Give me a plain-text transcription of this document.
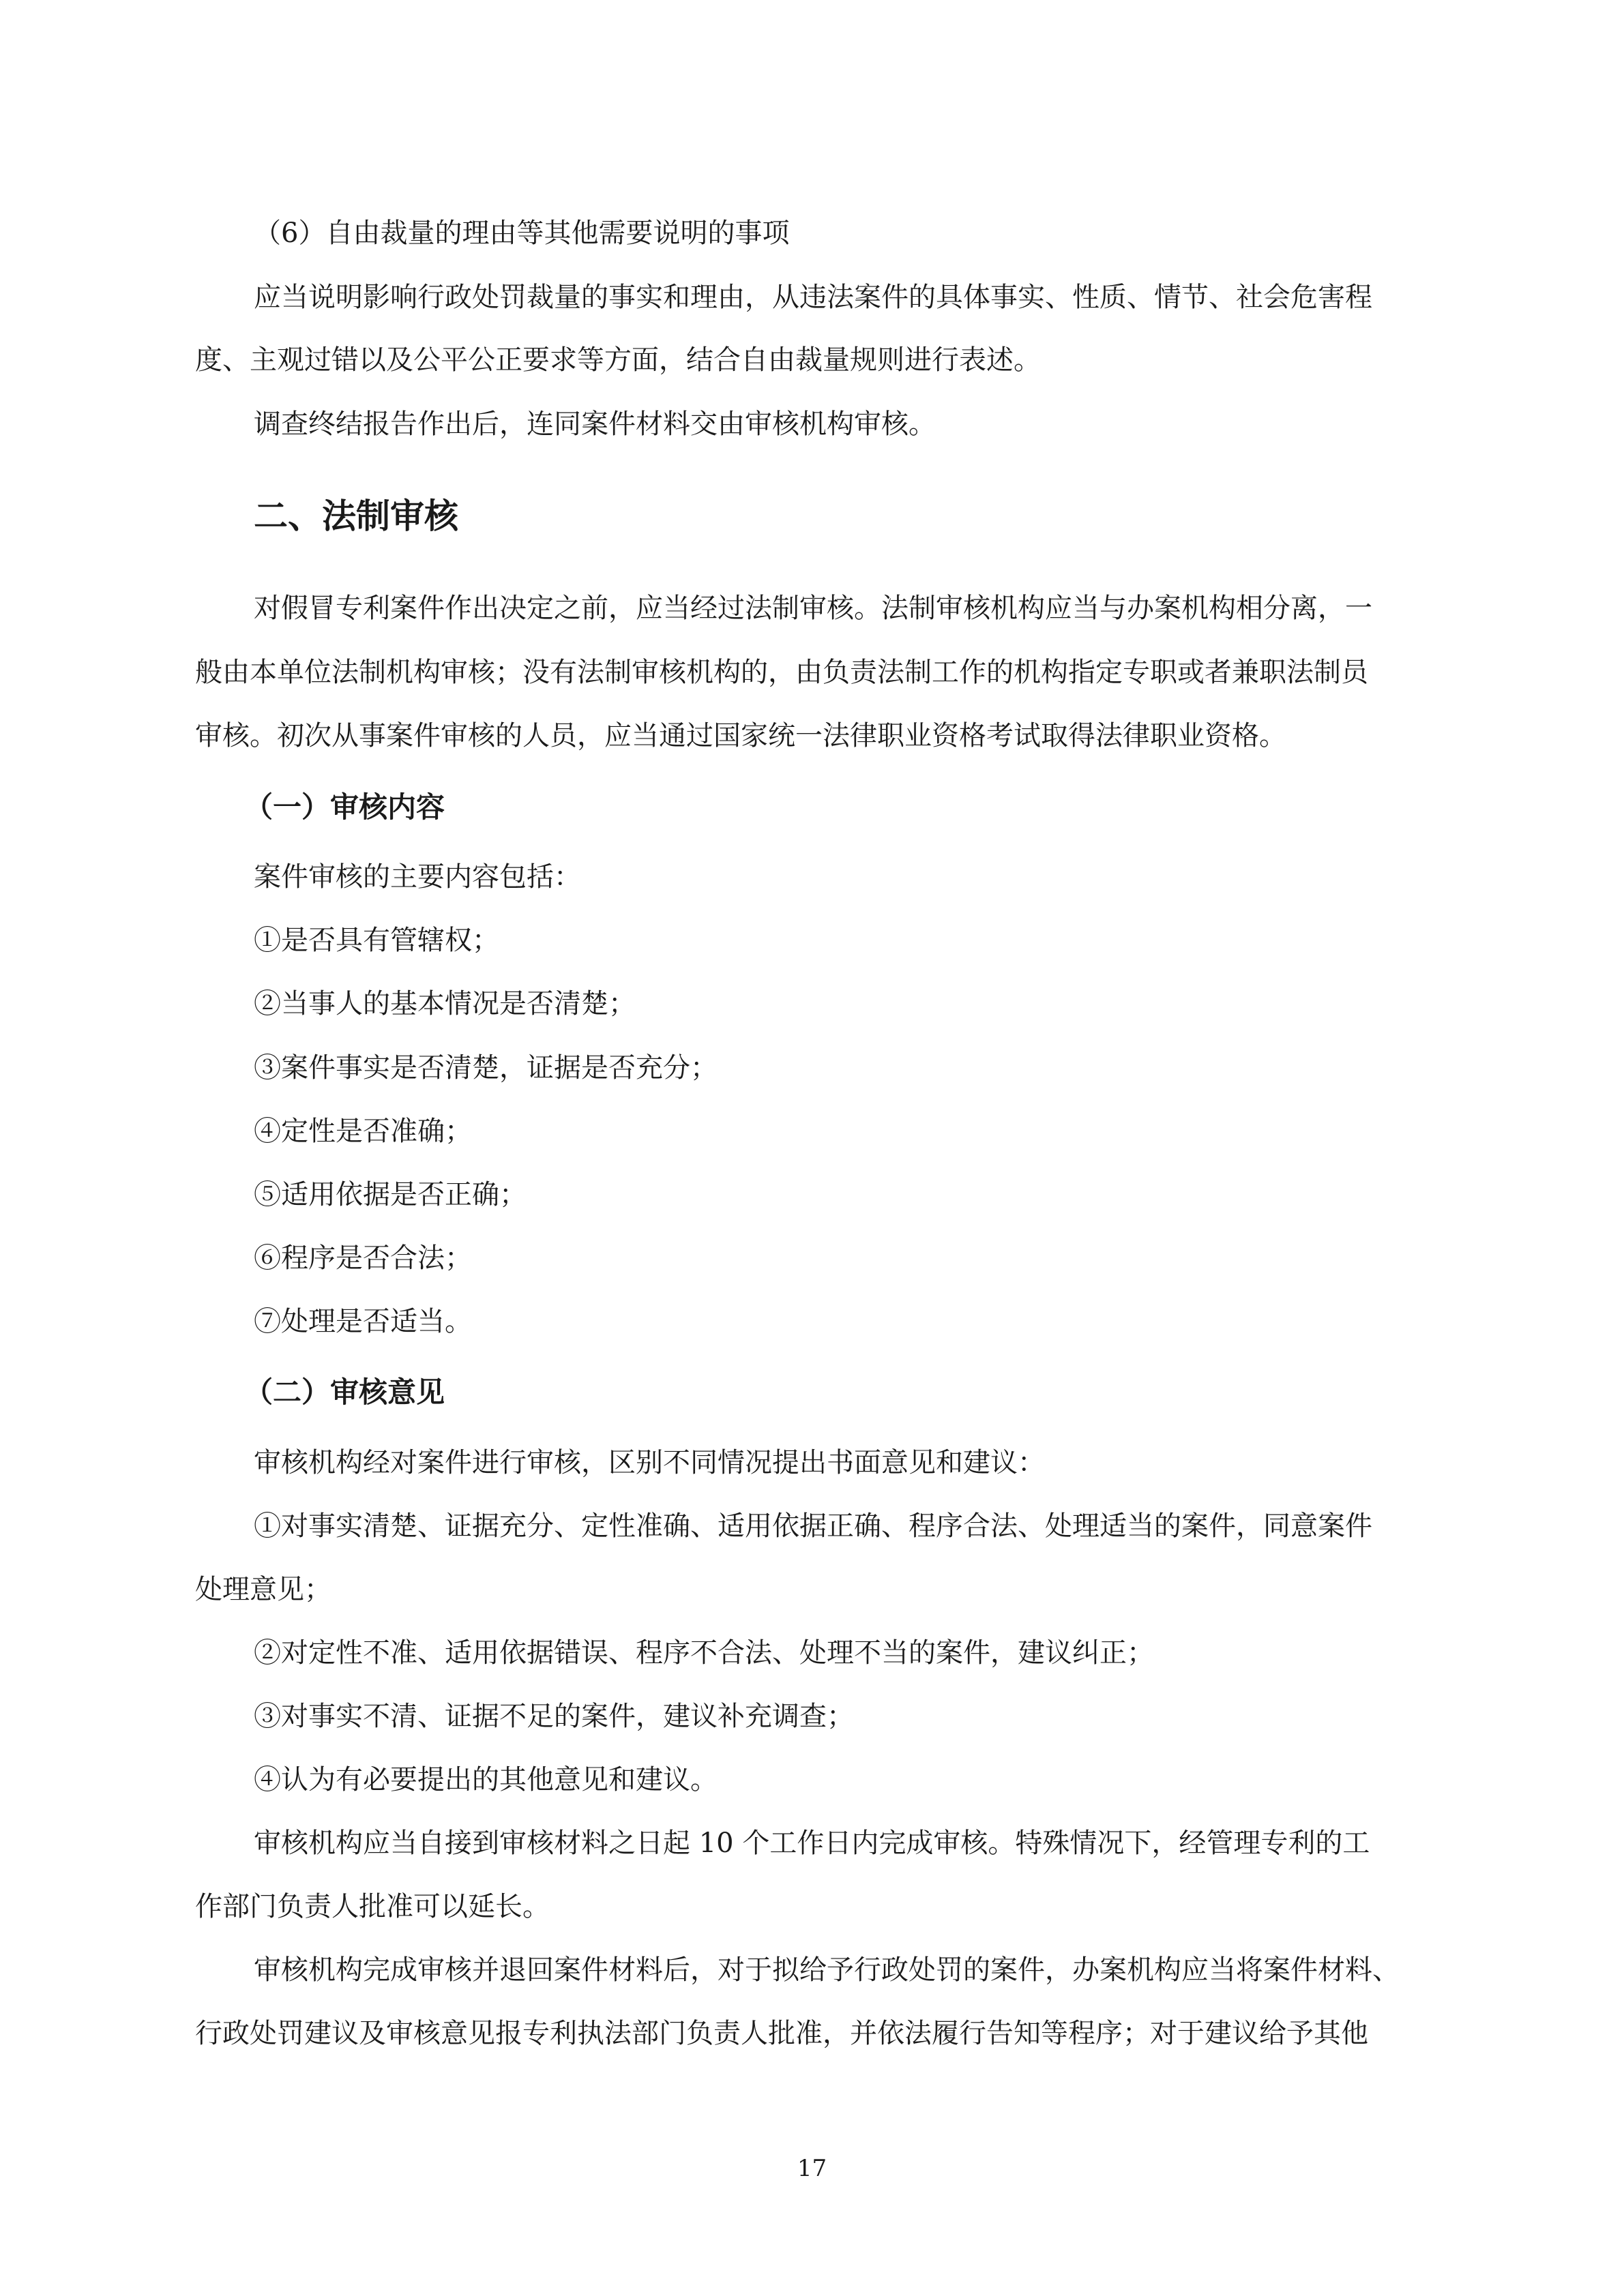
（6）自由裁量的理由等其他需要说明的事项
应当说明影响行政处罚裁量的事实和理由，从违法案件的具体事实、性质、情节、社会危害程
度、主观过错以及公平公正要求等方面，结合自由裁量规则进行表述。
调查终结报告作出后，连同案件材料交由审核机构审核。
二、法制审核
对假冒专利案件作出决定之前，应当经过法制审核。法制审核机构应当与办案机构相分离，一
般由本单位法制机构审核；没有法制审核机构的，由负责法制工作的机构指定专职或者兼职法制员
审核。初次从事案件审核的人员，应当通过国家统一法律职业资格考试取得法律职业资格。
（一）审核内容
案件审核的主要内容包括：
①是否具有管辖权；
②当事人的基本情况是否清楚；
③案件事实是否清楚，证据是否充分；
④定性是否准确；
⑤适用依据是否正确；
⑥程序是否合法；
⑦处理是否适当。
（二）审核意见
审核机构经对案件进行审核，区别不同情况提出书面意见和建议：
①对事实清楚、证据充分、定性准确、适用依据正确、程序合法、处理适当的案件，同意案件
处理意见；
②对定性不准、适用依据错误、程序不合法、处理不当的案件，建议纠正；
③对事实不清、证据不足的案件，建议补充调查；
④认为有必要提出的其他意见和建议。
审核机构应当自接到审核材料之日起 10 个工作日内完成审核。特殊情况下，经管理专利的工
作部门负责人批准可以延长。
审核机构完成审核并退回案件材料后，对于拟给予行政处罚的案件，办案机构应当将案件材料、
行政处罚建议及审核意见报专利执法部门负责人批准，并依法履行告知等程序；对于建议给予其他
17
